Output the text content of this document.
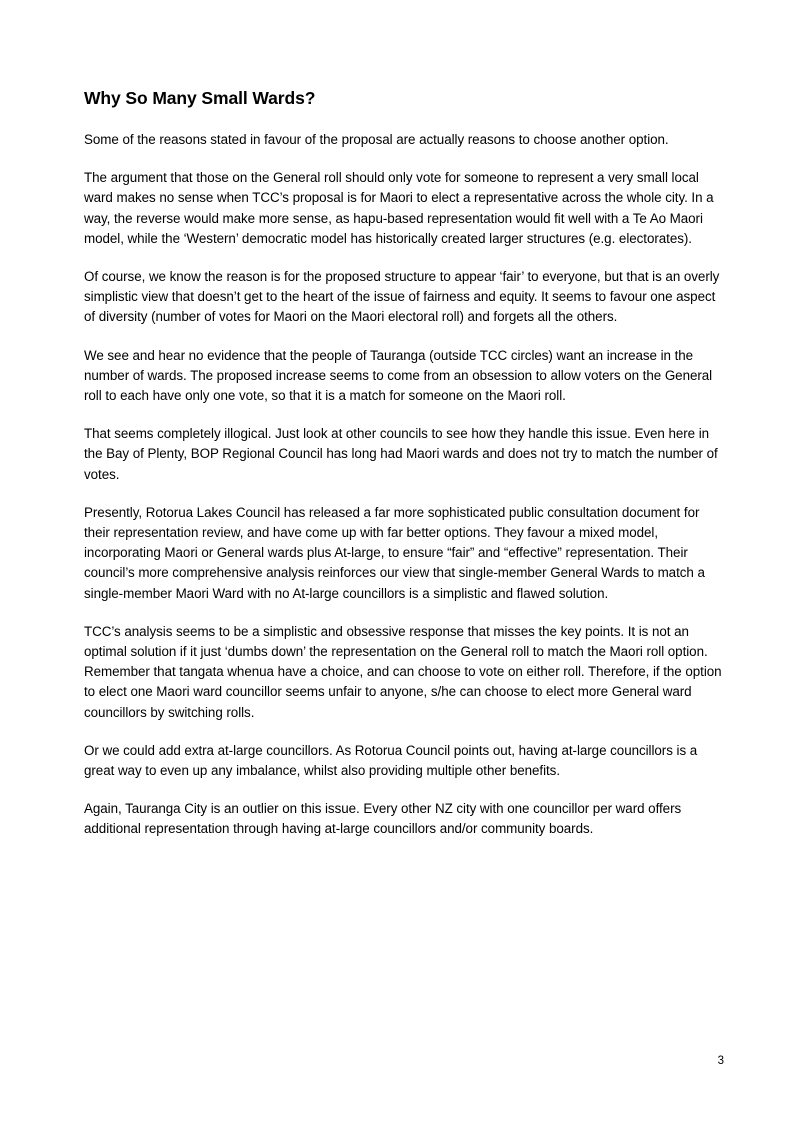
Why So Many Small Wards?

Some of the reasons stated in favour of the proposal are actually reasons to choose another option.

The argument that those on the General roll should only vote for someone to represent a very small local ward makes no sense when TCC’s proposal is for Maori to elect a representative across the whole city. In a way, the reverse would make more sense, as hapu-based representation would fit well with a Te Ao Maori model, while the ‘Western’ democratic model has historically created larger structures (e.g. electorates).

Of course, we know the reason is for the proposed structure to appear ‘fair’ to everyone, but that is an overly simplistic view that doesn’t get to the heart of the issue of fairness and equity. It seems to favour one aspect of diversity (number of votes for Maori on the Maori electoral roll) and forgets all the others.

We see and hear no evidence that the people of Tauranga (outside TCC circles) want an increase in the number of wards. The proposed increase seems to come from an obsession to allow voters on the General roll to each have only one vote, so that it is a match for someone on the Maori roll.

That seems completely illogical. Just look at other councils to see how they handle this issue. Even here in the Bay of Plenty, BOP Regional Council has long had Maori wards and does not try to match the number of votes.

Presently, Rotorua Lakes Council has released a far more sophisticated public consultation document for their representation review, and have come up with far better options. They favour a mixed model, incorporating Maori or General wards plus At-large, to ensure “fair” and “effective” representation. Their council’s more comprehensive analysis reinforces our view that single-member General Wards to match a single-member Maori Ward with no At-large councillors is a simplistic and flawed solution.

TCC’s analysis seems to be a simplistic and obsessive response that misses the key points. It is not an optimal solution if it just ‘dumbs down’ the representation on the General roll to match the Maori roll option. Remember that tangata whenua have a choice, and can choose to vote on either roll. Therefore, if the option to elect one Maori ward councillor seems unfair to anyone, s/he can choose to elect more General ward councillors by switching rolls.

Or we could add extra at-large councillors. As Rotorua Council points out, having at-large councillors is a great way to even up any imbalance, whilst also providing multiple other benefits.

Again, Tauranga City is an outlier on this issue. Every other NZ city with one councillor per ward offers additional representation through having at-large councillors and/or community boards.

3
